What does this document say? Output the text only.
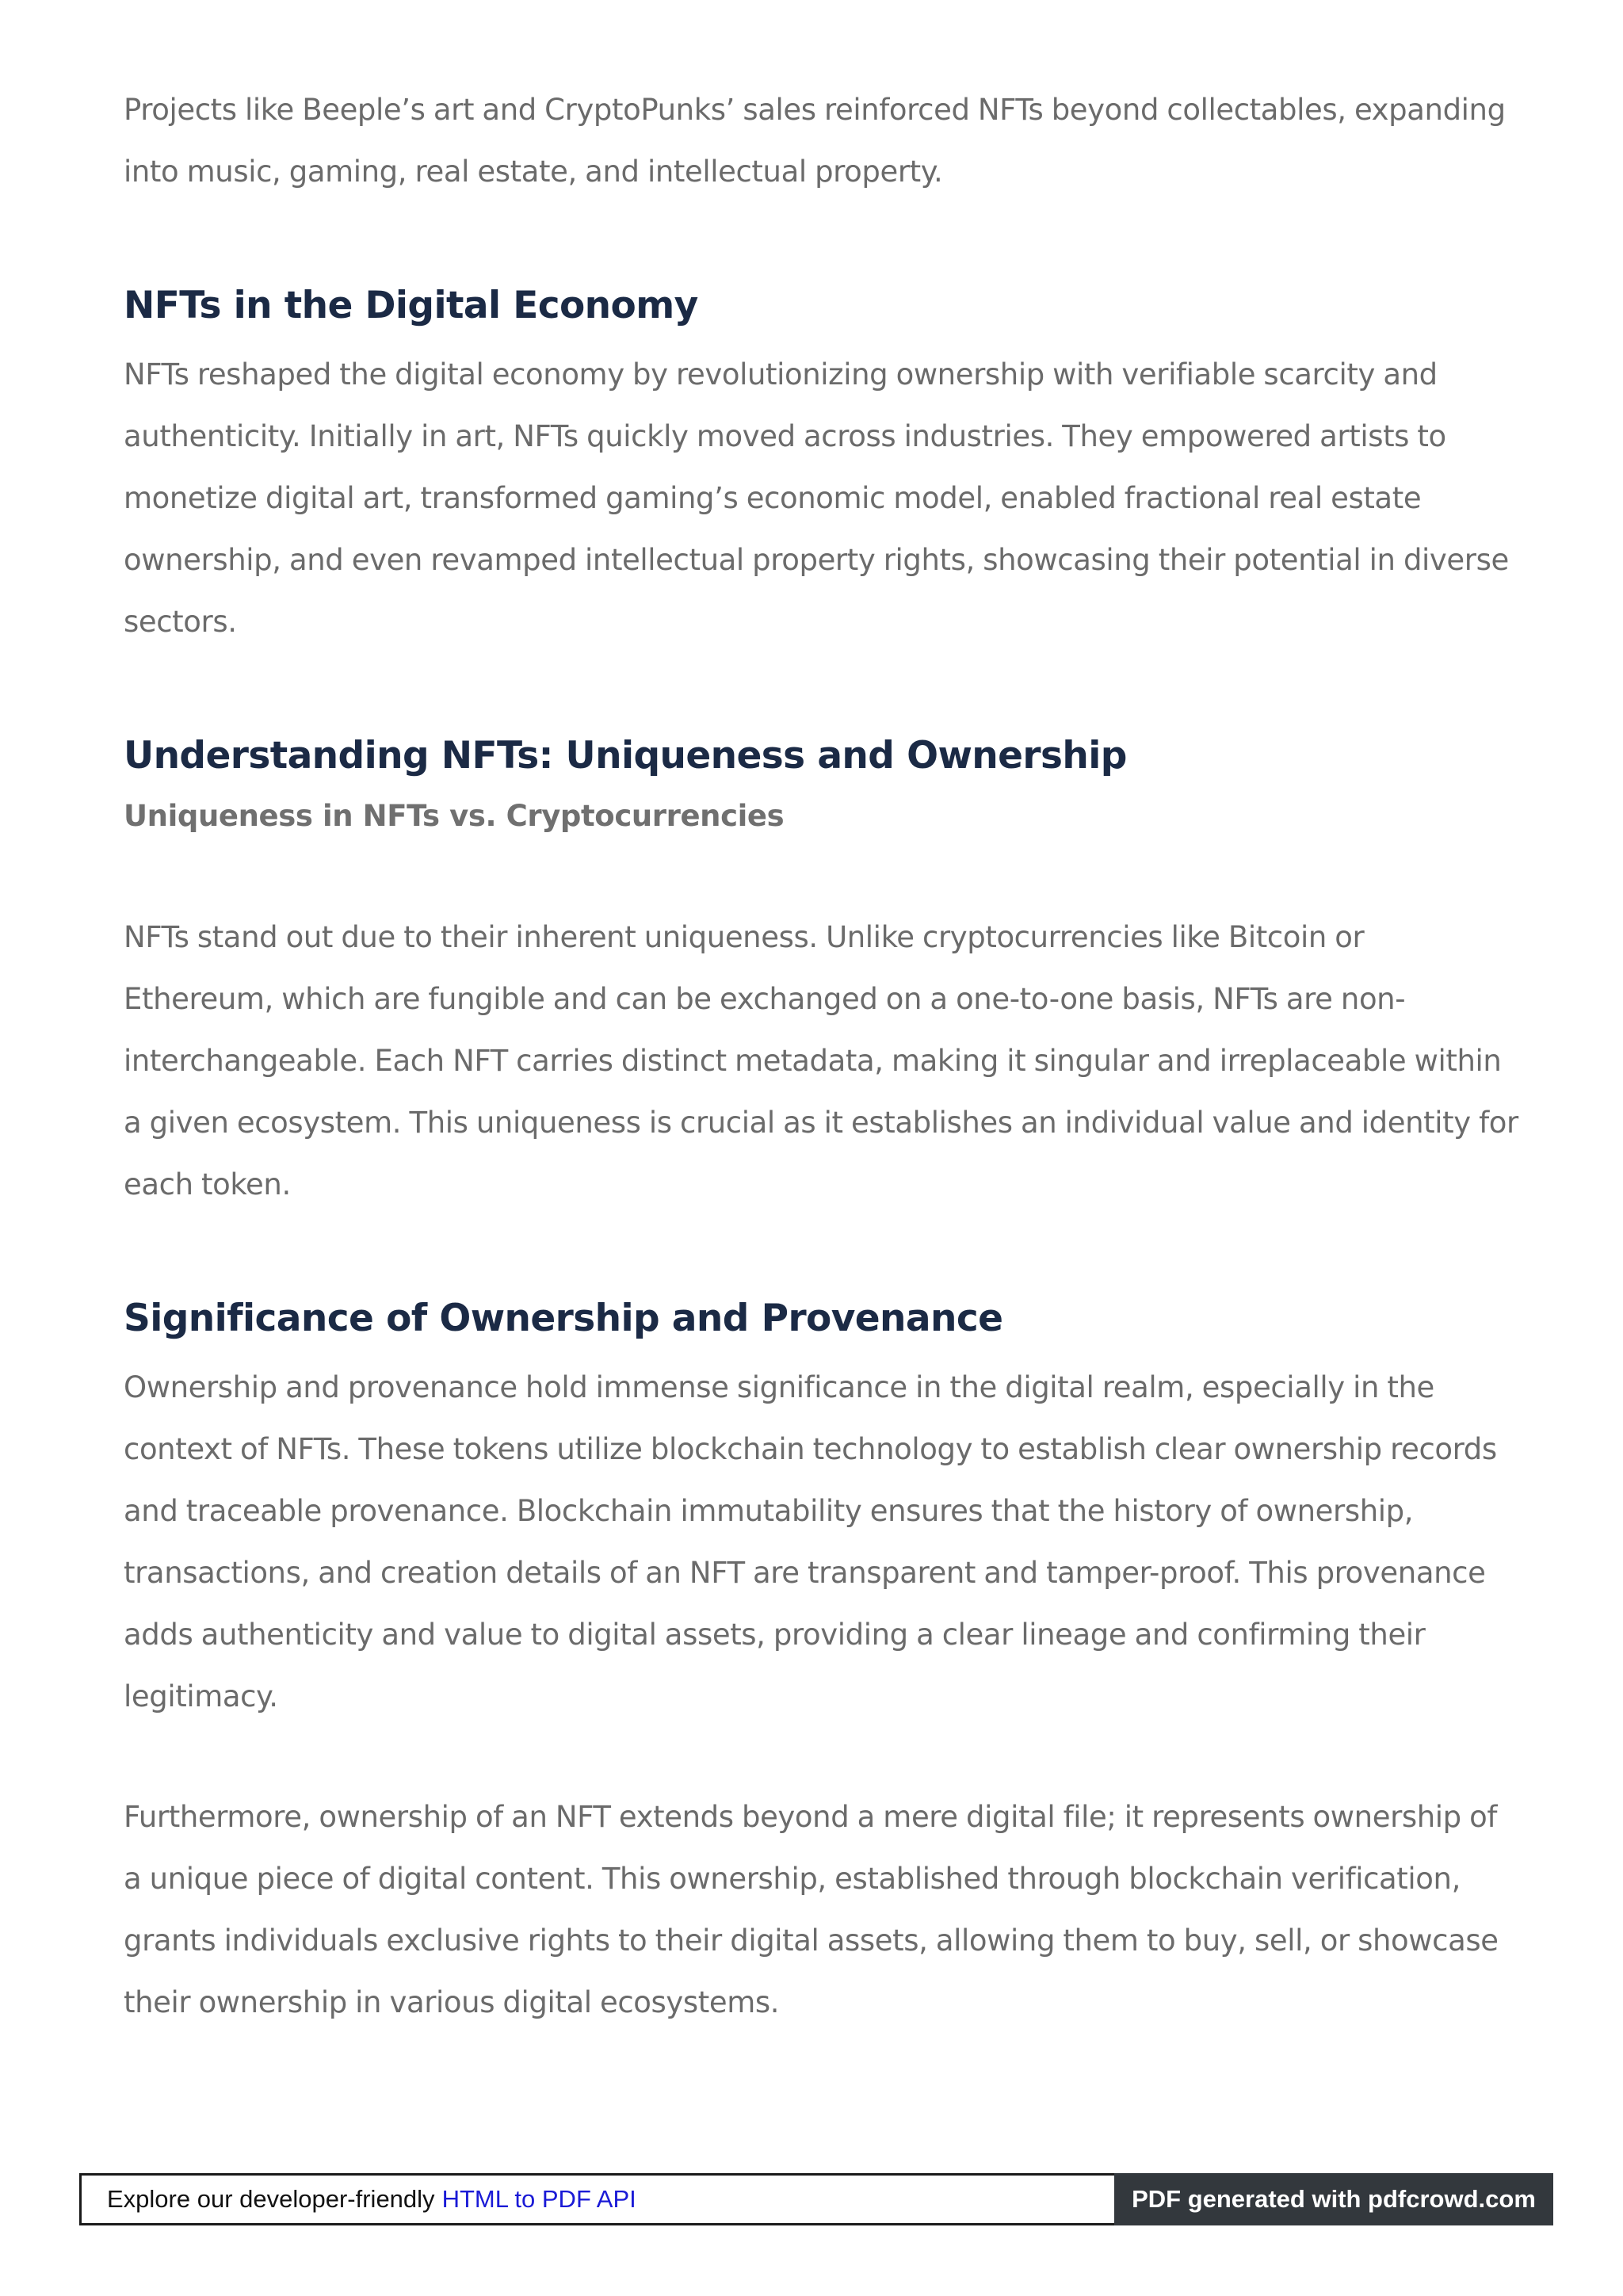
Projects like Beeple’s art and CryptoPunks’ sales reinforced NFTs beyond collectables, expanding into music, gaming, real estate, and intellectual property.

NFTs in the Digital Economy

NFTs reshaped the digital economy by revolutionizing ownership with verifiable scarcity and authenticity. Initially in art, NFTs quickly moved across industries. They empowered artists to monetize digital art, transformed gaming’s economic model, enabled fractional real estate ownership, and even revamped intellectual property rights, showcasing their potential in diverse sectors.

Understanding NFTs: Uniqueness and Ownership
Uniqueness in NFTs vs. Cryptocurrencies

NFTs stand out due to their inherent uniqueness. Unlike cryptocurrencies like Bitcoin or Ethereum, which are fungible and can be exchanged on a one-to-one basis, NFTs are non-interchangeable. Each NFT carries distinct metadata, making it singular and irreplaceable within a given ecosystem. This uniqueness is crucial as it establishes an individual value and identity for each token.

Significance of Ownership and Provenance

Ownership and provenance hold immense significance in the digital realm, especially in the context of NFTs. These tokens utilize blockchain technology to establish clear ownership records and traceable provenance. Blockchain immutability ensures that the history of ownership, transactions, and creation details of an NFT are transparent and tamper-proof. This provenance adds authenticity and value to digital assets, providing a clear lineage and confirming their legitimacy.

Furthermore, ownership of an NFT extends beyond a mere digital file; it represents ownership of a unique piece of digital content. This ownership, established through blockchain verification, grants individuals exclusive rights to their digital assets, allowing them to buy, sell, or showcase their ownership in various digital ecosystems.

Explore our developer-friendly HTML to PDF API	PDF generated with pdfcrowd.com
